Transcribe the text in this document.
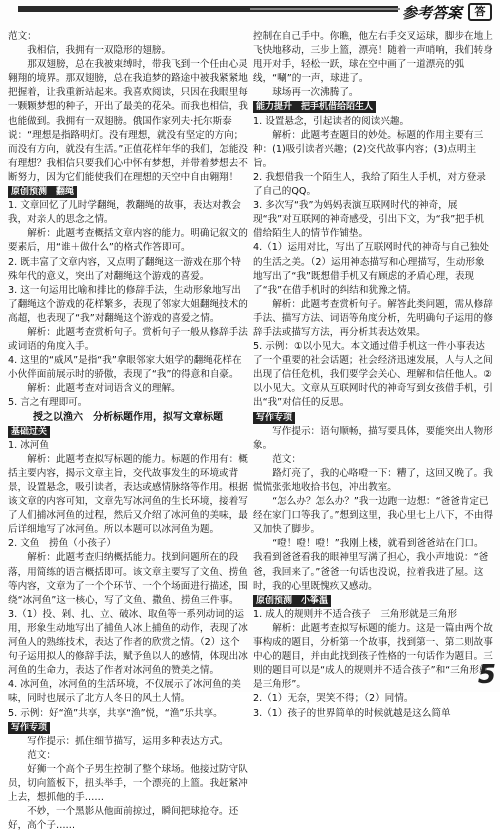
参考答案	答

范文：

我相信，我拥有一双隐形的翅膀。

那双翅膀，总在我被束缚时，带我飞到一个任由心灵翱翔的境界。那双翅膀，总在我追梦的路途中被我紧紧地把握着，让我重新站起来。我喜欢阅读，只因在我眼里每一颗颗梦想的种子，开出了最美的花朵。而我也相信，我也能做到。我拥有一双翅膀。俄国作家列夫·托尔斯泰说：“理想是指路明灯。没有理想，就没有坚定的方向；而没有方向，就没有生活。”正值花样年华的我们，怎能没有理想？我相信只要我们心中怀有梦想，并带着梦想去不断努力，因为它们能使我们在理想的天空中自由翱翔！

原创预测　翻绳

1. 文章回忆了儿时学翻绳，教翻绳的故事，表达对教会我，对亲人的思念之情。

解析：此题考查概括文章内容的能力。明确记叙文的要素后，用“谁＋做什么”的格式作答即可。

2. 既丰富了文章内容，又点明了翻绳这一游戏在那个特殊年代的意义，突出了对翻绳这个游戏的喜爱。

3. 这一句运用比喻和排比的修辞手法，生动形象地写出了翻绳这个游戏的花样繁多，表现了邻家大姐翻绳技术的高超，也表现了“我”对翻绳这个游戏的喜爱之情。

解析：此题考查赏析句子。赏析句子一般从修辞手法或词语的角度入手。

4. 这里的“威风”是指“我”拿眼邻家大姐学的翻绳花样在小伙伴面前展示时的骄傲，表现了“我”的得意和自豪。

解析：此题考查对词语含义的理解。

5. 言之有理即可。

授之以渔六　分析标题作用，拟写文章标题

基础过关

1. 冰河鱼

解析：此题考查拟写标题的能力。标题的作用有：概括主要内容，揭示文章主旨，交代故事发生的环境或背景，设置悬念，吸引读者，表达或感情脉络等作用。根据该文章的内容可知，文章先写冰河鱼的生长环境，接着写了人们捕冰河鱼的过程，然后又介绍了冰河鱼的美味，最后详细地写了冰河鱼。所以本题可以冰河鱼为题。

2. 文鱼　捞鱼（小孩子）

解析：此题考查归纳概括能力。找到问题所在的段落，用简练的语言概括即可。该文章主要写了文鱼、捞鱼等内容，文章为了一个个环节、一个个场面进行描述，围绕“冰河鱼”这一核心，写了文鱼、撒鱼、捞鱼三件事。

3.（1）投、剁、扎、立、破冰、取鱼等一系列动词的运用，形象生动地写出了捕鱼人冰上捕鱼的动作，表现了冰河鱼人的熟练技术，表达了作者的欣赏之情。（2）这个句子运用拟人的修辞手法，赋予鱼以人的感情，体现出冰河鱼的生命力，表达了作者对冰河鱼的赞美之情。

4. 冰河鱼，冰河鱼的生活环境，不仅展示了冰河鱼的美味，同时也展示了北方人冬日的风土人情。

5. 示例：好“渔”共享，共享“渔”悦，“渔”乐共享。

写作专项

写作提示：抓住细节描写，运用多种表达方式。

范文：

好狮一个高个子男生控制了整个球场。他接过防守队员，切向篮板下，扭头举手，一个漂亮的上篮。我赶紧冲上去，想抓他的手……

不妙，一个黑影从他面前掠过，瞬间把球抢夺。还好，高个子……

控制在自己手中。你瞧，他左右手交叉运球，脚步在地上飞快地移动，三步上篮，漂亮！随着一声哨响，我们转身甩开对手，轻松一跃，球在空中画了一道漂亮的弧线，“唰”的一声，球进了。

球场再一次沸腾了。

能力提升　把手机借给陌生人

1. 设置悬念，引起读者的阅读兴趣。

解析：此题考查题目的妙处。标题的作用主要有三种：(1)吸引读者兴趣；(2)交代故事内容；(3)点明主旨。

2. 我想借我一个陌生人，我给了陌生人手机，对方登录了自己的QQ。

3. 多次写“我”为妈妈表演互联网时代的神奇，展现“我”对互联网的神奇感受，引出下文，为“我”把手机借给陌生人的情节作铺垫。

4.（1）运用对比，写出了互联网时代的神奇与自己独处的生活之美。（2）运用神态描写和心理描写，生动形象地写出了“我”既想借手机又有顾虑的矛盾心理，表现了“我”在借手机时的纠结和犹豫之情。

解析：此题考查赏析句子。解答此类问题，需从修辞手法、描写方法、词语等角度分析，先明确句子运用的修辞手法或描写方法，再分析其表达效果。

5. 示例：①以小见大。本文通过借手机这一件小事表达了一个重要的社会话题；社会经济迅速发展，人与人之间出现了信任危机，我们要学会关心、理解和信任他人。②以小见大。文章从互联网时代的神奇写到女孩借手机，引出“我”对信任的反思。

写作专项

写作提示：语句顺畅，描写要具体，要能突出人物形象。

范文：

路灯亮了，我的心咯噔一下：糟了，这回又晚了。我慌慌张张地收拾书包，冲出教室。

“怎么办？怎么办？”我一边跑一边想：“爸爸肯定已经在家门口等我了。”想到这里，我心里七上八下，不由得又加快了脚步。

“噔！噔！噔！”我刚上楼，就看到爸爸站在门口。我看到爸爸看我的眼神里写满了担心，我小声地说：“爸爸，我回来了。”爸爸一句话也没说，拉着我进了屋。这时，我的心里既愧疚又感动。

原创预测　小筝温

1. 成人的规则并不适合孩子　三角形就是三角形

解析：此题考查拟写标题的能力。这是一篇由两个故事构成的题目，分析第一个故事，找到第一、第二则故事中心的题目，并由此找到孩子性格的一句话作为题目。三则的题目可以是“成人的规则并不适合孩子”和“三角形就是三角形”。

2.（1）无奈，哭笑不得；（2）同情。

3.（1）孩子的世界简单的时候就越是这么简单

5
